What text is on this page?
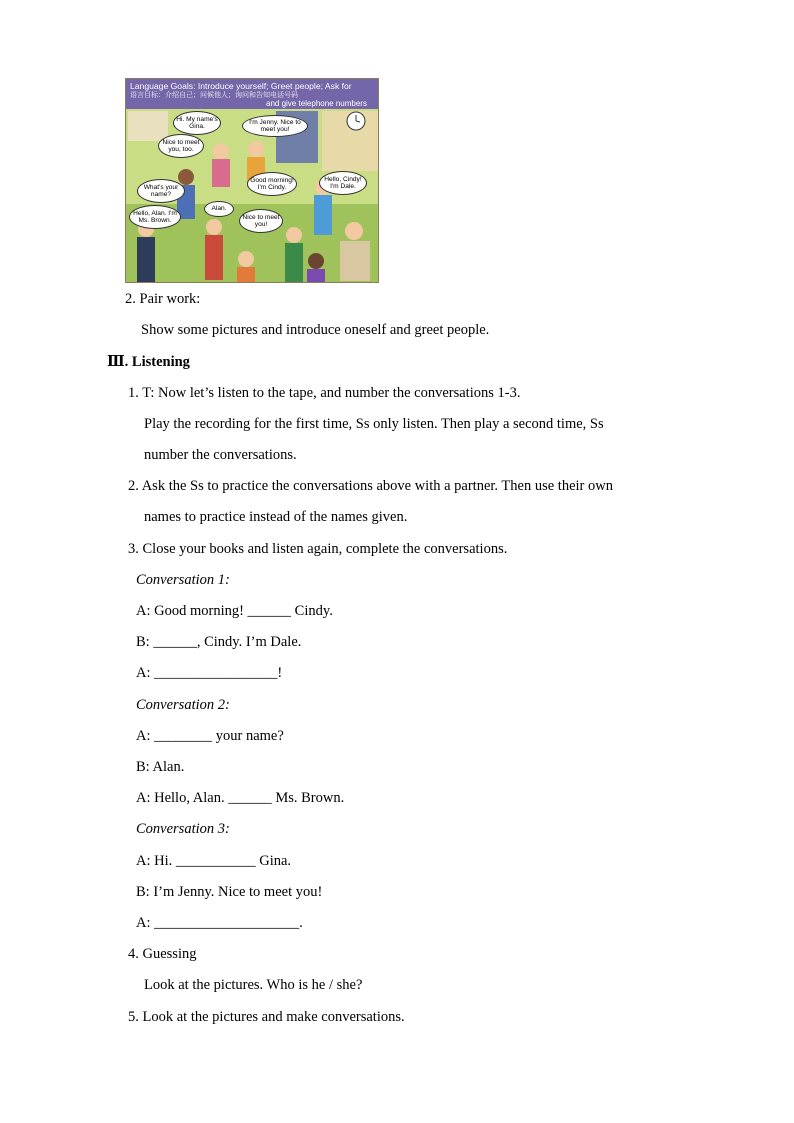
Language Goals: Introduce yourself; Greet people; Ask for
语言目标：介绍自己；问候他人；询问和告知电话号码
and give telephone numbers
Hi. My name's Gina.
I'm Jenny. Nice to meet you!
Nice to meet you, too.
Good morning! I'm Cindy.
Hello, Cindy! I'm Dale.
What's your name?
Alan.
Hello, Alan. I'm Ms. Brown.	Nice to meet you!
2. Pair work:
Show some pictures and introduce oneself and greet people.
Ⅲ. Listening
1. T: Now let’s listen to the tape, and number the conversations 1-3.
Play the recording for the first time, Ss only listen. Then play a second time, Ss
number the conversations.
2. Ask the Ss to practice the conversations above with a partner. Then use their own
names to practice instead of the names given.
3. Close your books and listen again, complete the conversations.
Conversation 1:
A: Good morning! ______ Cindy.
B: ______, Cindy. I’m Dale.
A: _________________!
Conversation 2:
A: ________ your name?
B: Alan.
A: Hello, Alan. ______ Ms. Brown.
Conversation 3:
A: Hi. ___________ Gina.
B: I’m Jenny. Nice to meet you!
A: ____________________.
4. Guessing
Look at the pictures. Who is he / she?
5. Look at the pictures and make conversations.
